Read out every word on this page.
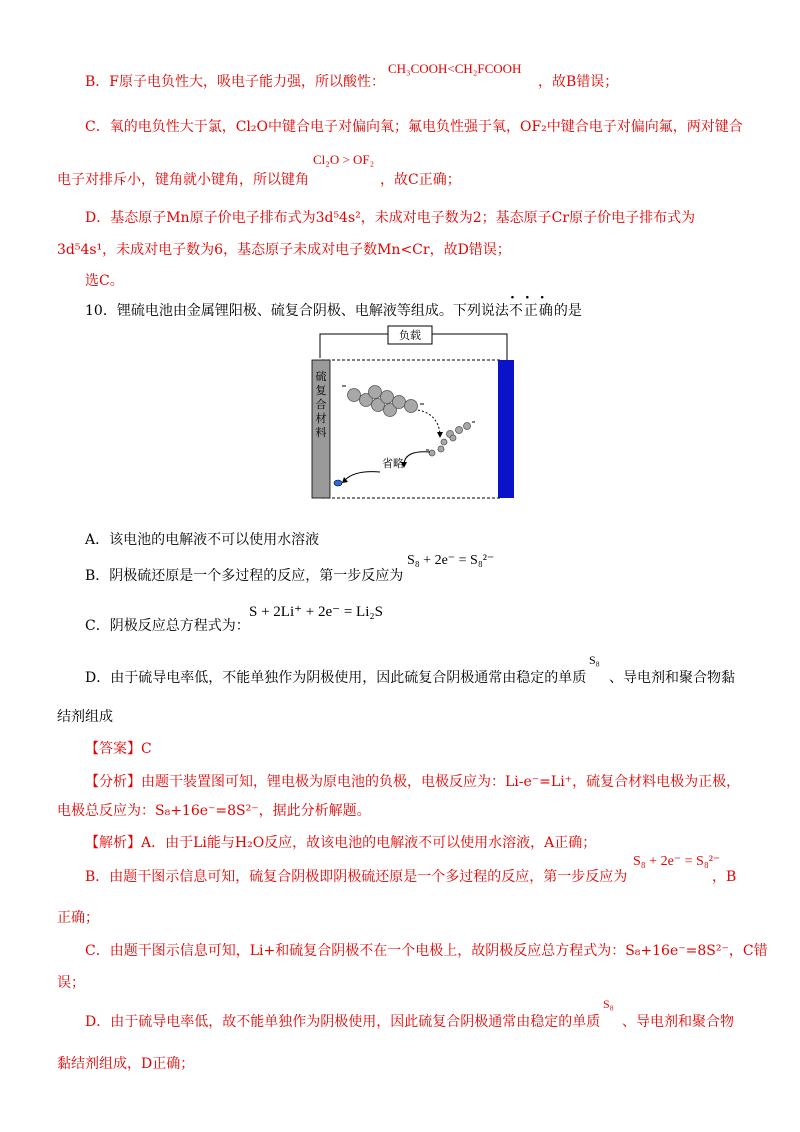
B．F原子电负性大，吸电子能力强，所以酸性：
CH₃COOH<CH₂FCOOH
，故B错误；
C．氧的电负性大于氯，Cl₂O中键合电子对偏向氧；氟电负性强于氧，OF₂中键合电子对偏向氟，两对键合
电子对排斥小，键角就小键角，所以键角
Cl₂O > OF₂
，故C正确；
D．基态原子Mn原子价电子排布式为3d⁵4s²，未成对电子数为2；基态原子Cr原子价电子排布式为
3d⁵4s¹，未成对电子数为6，基态原子未成对电子数Mn<Cr，故D错误；
选C。
10．锂硫电池由金属锂阳极、硫复合阴极、电解液等组成。下列说法不正确的是
···
负载
省略
硫复合材料
A．该电池的电解液不可以使用水溶液
B．阴极硫还原是一个多过程的反应，第一步反应为
S₈ + 2e⁻ = S₈²⁻
C．阴极反应总方程式为：
S + 2Li⁺ + 2e⁻ = Li₂S
D．由于硫导电率低，不能单独作为阴极使用，因此硫复合阴极通常由稳定的单质
S₈
、导电剂和聚合物黏
结剂组成
【答案】C
【分析】由题干装置图可知，锂电极为原电池的负极，电极反应为：Li-e⁻=Li⁺，硫复合材料电极为正极，
电极总反应为：S₈+16e⁻=8S²⁻，据此分析解题。
【解析】A．由于Li能与H₂O反应，故该电池的电解液不可以使用水溶液，A正确；
B．由题干图示信息可知，硫复合阴极即阴极硫还原是一个多过程的反应，第一步反应为
S₈ + 2e⁻ = S₈²⁻
，B
正确；
C．由题干图示信息可知，Li+和硫复合阴极不在一个电极上，故阴极反应总方程式为：S₈+16e⁻=8S²⁻，C错
误；
D．由于硫导电率低，故不能单独作为阴极使用，因此硫复合阴极通常由稳定的单质
S₈
、导电剂和聚合物
黏结剂组成，D正确；
